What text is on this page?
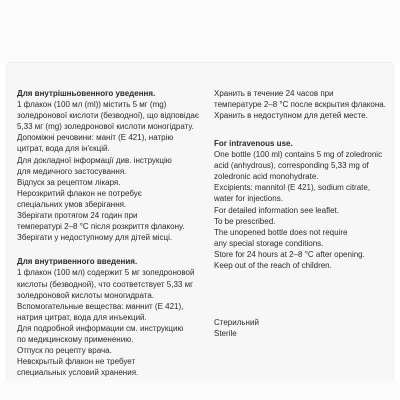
Для внутрішньовенного уведення.

1 флакон (100 мл (ml)) містить 5 мг (mg)

золедронової кислоти (безводної), що відповідає

5,33 мг (mg) золедронової кислоти моногідрату.

Допоміжні речовини: маніт (Е 421), натрію

цитрат, вода для ін'єкцій.

Для докладної інформації див. інструкцію

для медичного застосування.

Відпуск за рецептом лікаря.

Нерозкритий флакон не потребує

спеціальних умов зберігання.

Зберігати протягом 24 годин при

температурі 2–8 °С після розкриття флакону.

Зберігати у недоступному для дітей місці.

Для внутривенного введения.

1 флакон (100 мл) содержит 5 мг золедроновой

кислоты (безводной), что соответствует 5,33 мг

золедроновой кислоты моногидрата.

Вспомогательные вещества: маннит (Е 421),

натрия цитрат, вода для инъекций.

Для подробной информации см. инструкцию

по медицинскому применению.

Отпуск по рецепту врача.

Невскрытый флакон не требует

специальных условий хранения.

Хранить в течение 24 часов при

температуре 2–8 °С после вскрытия флакона.

Хранить в недоступном для детей месте.

For intravenous use.

One bottle (100 ml) contains 5 mg of zoledronic

acid (anhydrous), corresponding 5,33 mg of

zoledronic acid monohydrate.

Excipients: mannitol (E 421), sodium citrate,

water for injections.

For detailed information see leaflet.

To be prescribed.

The unopened bottle does not require

any special storage conditions.

Store for 24 hours at 2–8 °C after opening.

Keep out of the reach of children.

Стерильний

Sterile
